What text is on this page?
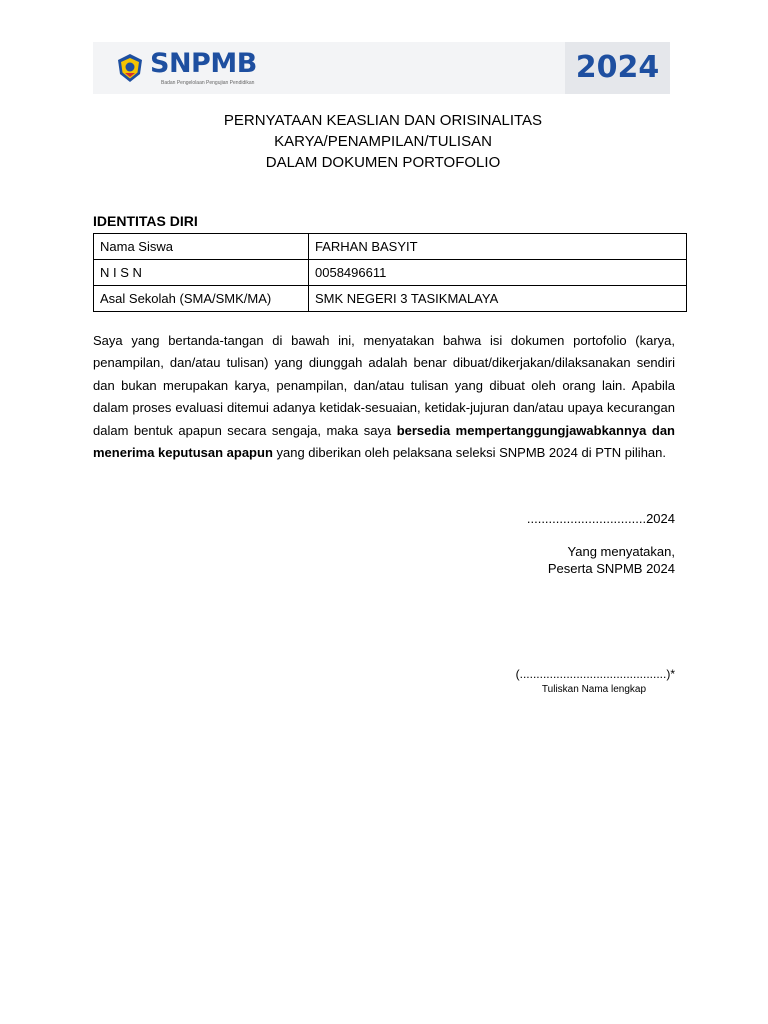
SNPMB
Badan Pengelolaan Pengujian Pendidikan	2024
PERNYATAAN KEASLIAN DAN ORISINALITAS
KARYA/PENAMPILAN/TULISAN
DALAM DOKUMEN PORTOFOLIO
IDENTITAS DIRI
Nama Siswa	FARHAN BASYIT
N I S N	0058496611
Asal Sekolah (SMA/SMK/MA)	SMK NEGERI 3 TASIKMALAYA
Saya yang bertanda-tangan di bawah ini, menyatakan bahwa isi dokumen portofolio (karya, penampilan, dan/atau tulisan) yang diunggah adalah benar dibuat/dikerjakan/dilaksanakan sendiri dan bukan merupakan karya, penampilan, dan/atau tulisan yang dibuat oleh orang lain. Apabila dalam proses evaluasi ditemui adanya ketidak-sesuaian, ketidak-jujuran dan/atau upaya kecurangan dalam bentuk apapun secara sengaja, maka saya bersedia mempertanggungjawabkannya dan menerima keputusan apapun yang diberikan oleh pelaksana seleksi SNPMB 2024 di PTN pilihan.
.................................2024
Yang menyatakan,
Peserta SNPMB 2024
(............................................)*
Tuliskan Nama lengkap
